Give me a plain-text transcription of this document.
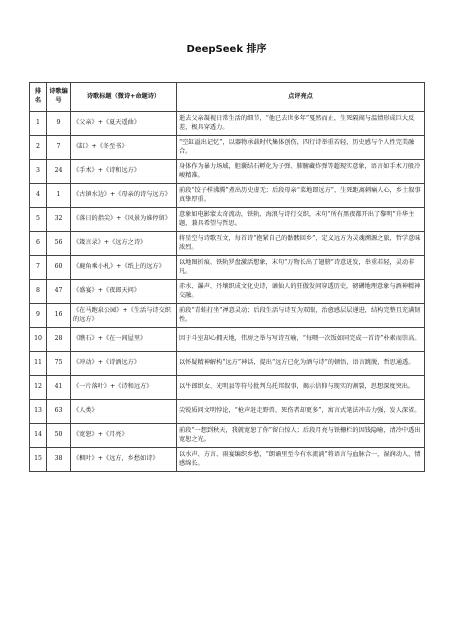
DeepSeek 排序
排名	诗歌编号	诗歌标题（微诗+命题诗）	点评亮点
1	9	《父亲》+《夏天遥曲》	逝去父亲凝视日常生活的细节，“他已去世多年”戛然而止，生死隔阂与温情形成巨大反差，极具穿透力。
2	7	《缸》+《冬至书》	“空缸溢出记忆”，以器物承载时代集体创伤，四行诗举重若轻，历史感与个人性完美融合。
3	24	《手术》+《诗和远方》	身体作为暴力场域，胆囊结石孵化为子弹、肺腑藏炸弹等超现实意象，语言如手术刀般冷峻精准。
4	1	《古镇水边》+《母亲的诗与远方》	前段“饺子样沸腾”煮出历史虚无；后段母亲“菜地即远方”，生死距离刺痛人心，乡土叙事真挚厚重。
5	32	《落日的指尖》+《风景为谁停留》	意象如电影蒙太奇流动，铁轨、海浪与诗行交织，末句“所有黑夜都开出了黎明”升华主题，兼具希望与哲思。
6	56	《箴言录》+《远方之诗》	将星空与诗歌互文，每首诗“抱紧自己的骷髅回乡”，定义远方为灵魂溯源之旅，哲学意味浓烈。
7	60	《鹿角乘小札》+《纸上的远方》	以地图折痕、铁轨罗盘激活想象，末句“万物长出了翅膀”诗意迸发，举重若轻，灵动非凡。
8	47	《盛宴》+《夜郎天问》	赤水、瀑声、丹壤织成文化史诗，谪仙人的狂傲发问穿透历史，磅礴地理意象与酒神精神交融。
9	16	《在马跑泉公园》+《生活与诗交织的远方》	前段“青蛙打坐”禅意灵动；后段生活与诗互为双眼，治愈感层层递进，结构完整且充满韧性。
10	28	《瞧石》+《在一间屋里》	因于斗室却心拥天地，伟房之举与写诗互喻，“每喂一次饭如同完成一首诗”朴素而崇高。
11	75	《冲动》+《诗酒远方》	以怀疑精神解构“远方”神话，提出“远方已化为酒与诗”的顿悟，语言跳脱，哲思通透。
12	41	《一片落叶》+《诗和远方》	以牛郎织女、光明县等符号批判乌托邦叙事，揭示信仰与现实的割裂，思想深度突出。
13	63	《人类》	尖锐质问文明悖论，“枪声赶走野兽，死伤者却更多”，寓言式笔法冲击力强，发人深省。
14	50	《宽恕》+《月亮》	前段“一想到秋天，我就宽恕了你”留白惊人；后段月亮与铁栅栏的因钱隐喻，清冷中透出宽恕之光。
15	38	《枫叶》+《远方，乡愁如诗》	以水声、方言、雨宴编织乡愁，“朗诵里至今有水流淌”将语言与血脉合一，湿润动人，情感绵长。
